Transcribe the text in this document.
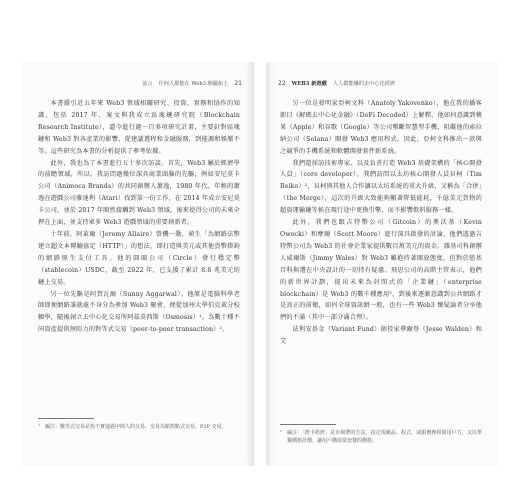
前言 任何人都能在 Web3 開疆拓土 21

本書援引近五年來 Web3 領域相關研究、投資、實務和協作的知識，包括 2017 年，案文與我成立區塊鏈研究院（Blockchain Research Institute），逼今進行過一百多項研究計畫，主要針對區塊鏈和 Web3 對各產業的影響，從建議選程和金融服務，到能源和娛樂不等。這些研究為本書的分析提供了參考依據。

此外，我也為了本書進行五十多次訪談。首先，Web3 屬於經濟學的前瞻領域，所以，我訪問過幾位深具商業頭腦的先驅，例如安尼莫卡公司（Animoca Brands）的共同創辦人蕭逸，1980 年代，年輕的蕭逸在遊戲公司雅達利（Atari）找到第一份工作，在 2014 年成立安尼莫卡公司，並於 2017 年開然接觸到 Web3 領域，後來使得公司的未來全押在上面，並支持眾多 Web3 遊戲領域的重要創新者。

十年前，阿萊爾（Jeremy Allaire）曾機一動，萌生「為網路法幣建立超文本傳輸協定（HTTP）」的想法，即打造與美元或其他貨幣掛鉤的網路原生支付工具。他的圓圈公司（Circle）發行穩定幣（stablecoin）USDC，截至 2022 年，已支援了累計 8.6 兆美元的鏈上交易。

另一位先驅是阿賀瓦爾（Sunny Aggarwal）。他原是電腦科學老師即便網路誰就處不身分為參加 Web3 聚會，便從加州大學伯克萊分校輟學，隨後創立去中心化交易所阿茲莫西斯（Osmosis）¹。為數十種不同資產提供無阻力的對等式交易（peer-to-peer transaction）²。

¹ 編注：數等式交易是指不實通過中間人的交易，交易為點對點式交易，P2P 交易。
22 WEB3 新遊戲 人人都能賺的去中心化經濟

另一位是發明家亞柯文科（Anatoly Yakovenko），他在我的播客節目《解碼去中心化金融》（DeFi Decoded）上解釋，他如何意識到蘋果（Apple）和谷歌（Google）等公司壟斷智慧型手機，阻礙他的索拉納公司（Solana）開發 Web3 應用程式。因此，亞柯文科推出一款與之競爭的手機系統和軟體開發套件新系統。

我們還採訪技術專家，以及負責打造 Web3 基礎架構的「核心開發人員」（core developer）。我們訪問以太坊核心開發人員貝柯（Tim Beiko）²，貝柯與其他人合作讓以太坊系統的重大升級，又稱為「合併」（the Merge），這次的升級大致能夠顯著降低能耗，千億美元貨物的超資運輸鏈等候在現行途中更換引擎，而不影響飲料服務一樣。

此外，我們也跟吉特幣公司（Gitcoin）的奧沃基（Kevin Owocki）和摩爾（Scott Moore）進行深具啟發的討論，他們透過吉特幣公司為 Web3 的社會企業家提供數百萬美元的資金。雜基司科創辦人威爾斯（Jimmy Wales）對 Web3 雖抱持著開放態度，但對於戀基百科與遭在中央設計的一切持有疑慮。飛思公司的高階主管表示，他們的新世界計劃，提出未來為封閉式的「企業鏈」（enterprise blockchain）是 Web3 的數千種應用²，到後來逐漸意識到公共網路才是真正的前衛，如何全球資訊網一般，也有一些 Web3 懷疑論者分享他們的不滿（其中一部分滿合理）。

法利安基金（Variant Fund）創投家華爾登（Jesse Walden）和艾

² 編注：「既卡經濟」是市場帶的方法，指定規範品、程式、或服務務相與用戶方，又以單獨價格計價，讓用戶購需要套餐的價格。
